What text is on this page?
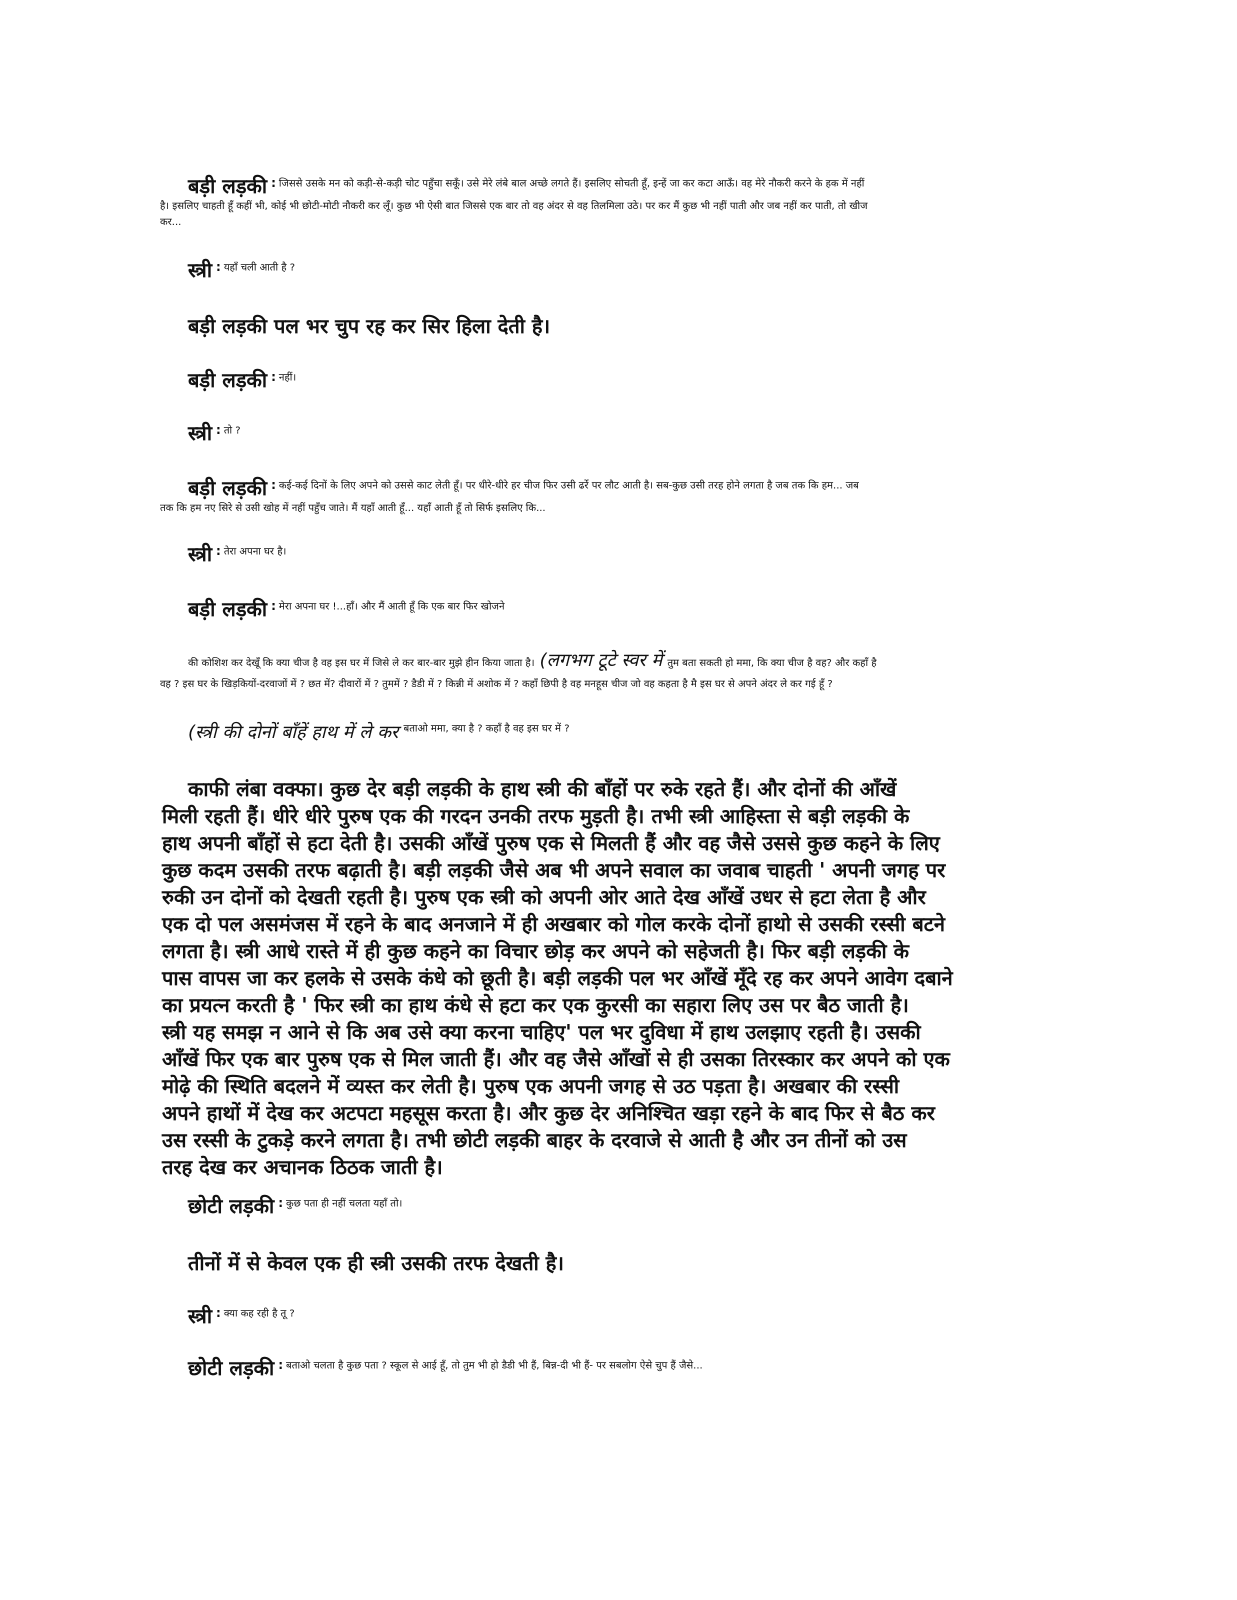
बड़ी लड़की : $^{जिससे उसके मन को कड़ी-से-कड़ी चोट पहुँचा सकूँ। उसे मेरे लंबे बाल अच्छे लगते हैं। इसलिए सोचती हूँ, इन्हें जा कर कटा आऊँ। वह मेरे नौकरी करने के हक में नहीं}$
है। इसलिए चाहती हूँ कहीं भी, कोई भी छोटी-मोटी नौकरी कर लूँ। कुछ भी ऐसी बात जिससे एक बार तो वह अंदर से वह तिलमिला उठे। पर कर मैं कुछ भी नहीं पाती और जब नहीं कर पाती, तो खीज
कर...
स्त्री : $^{यहाँ चली आती है ?}$
बड़ी लड़की पल भर चुप रह कर सिर हिला देती है।
बड़ी लड़की : $^{नहीं।}$
स्त्री : $^{तो ?}$
बड़ी लड़की : $^{कई-कई दिनों के लिए अपने को उससे काट लेती हूँ। पर धीरे-धीरे हर चीज फिर उसी ढर्रे पर लौट आती है। सब-कुछ उसी तरह होने लगता है जब तक कि हम... जब}$
तक कि हम नए सिरे से उसी खोह में नहीं पहुँच जाते। मैं यहाँ आती हूँ... यहाँ आती हूँ तो सिर्फ इसलिए कि...
स्त्री : $^{तेरा अपना घर है।}$
बड़ी लड़की : $^{मेरा अपना घर !...हाँ। और मैं आती हूँ कि एक बार फिर खोजने}$
की कोशिश कर देखूँ कि क्या चीज है वह इस घर में जिसे ले कर बार-बार मुझे हीन किया जाता है। (लगभग टूटे स्वर में तुम बता सकती हो ममा, कि क्या चीज है वह? और कहाँ है
वह ? इस घर के खिड़कियों-दरवाजों में ? छत में? दीवारों में ? तुममें ? डैडी में ? किन्नी में अशोक में ? कहाँ छिपी है वह मनहूस चीज जो वह कहता है मै इस घर से अपने अंदर ले कर गई हूँ ?
(स्त्री की दोनों बाँहें हाथ में ले कर $^{बताओ ममा, क्या है ? कहाँ है वह इस घर में ?}$
काफी लंबा वक्फा। कुछ देर बड़ी लड़की के हाथ स्त्री की बाँहों पर रुके रहते हैं। और दोनों की आँखें
मिली रहती हैं। धीरे धीरे पुरुष एक की गरदन उनकी तरफ मुड़ती है। तभी स्त्री आहिस्ता से बड़ी लड़की के
हाथ अपनी बाँहों से हटा देती है। उसकी आँखें पुरुष एक से मिलती हैं और वह जैसे उससे कुछ कहने के लिए
कुछ कदम उसकी तरफ बढ़ाती है। बड़ी लड़की जैसे अब भी अपने सवाल का जवाब चाहती ' अपनी जगह पर
रुकी उन दोनों को देखती रहती है। पुरुष एक स्त्री को अपनी ओर आते देख आँखें उधर से हटा लेता है और
एक दो पल असमंजस में रहने के बाद अनजाने में ही अखबार को गोल करके दोनों हाथो से उसकी रस्सी बटने
लगता है। स्त्री आधे रास्ते में ही कुछ कहने का विचार छोड़ कर अपने को सहेजती है। फिर बड़ी लड़की के
पास वापस जा कर हलके से उसके कंधे को छूती है। बड़ी लड़की पल भर आँखें मूँदे रह कर अपने आवेग दबाने
का प्रयत्न करती है ' फिर स्त्री का हाथ कंधे से हटा कर एक कुरसी का सहारा लिए उस पर बैठ जाती है।
स्त्री यह समझ न आने से कि अब उसे क्या करना चाहिए' पल भर दुविधा में हाथ उलझाए रहती है। उसकी
आँखें फिर एक बार पुरुष एक से मिल जाती हैं। और वह जैसे आँखों से ही उसका तिरस्कार कर अपने को एक
मोढ़े की स्थिति बदलने में व्यस्त कर लेती है। पुरुष एक अपनी जगह से उठ पड़ता है। अखबार की रस्सी
अपने हाथों में देख कर अटपटा महसूस करता है। और कुछ देर अनिश्चित खड़ा रहने के बाद फिर से बैठ कर
उस रस्सी के टुकड़े करने लगता है। तभी छोटी लड़की बाहर के दरवाजे से आती है और उन तीनों को उस
तरह देख कर अचानक ठिठक जाती है।
छोटी लड़की : $^{कुछ पता ही नहीं चलता यहाँ तो।}$
तीनों में से केवल एक ही स्त्री उसकी तरफ देखती है।
स्त्री : $^{क्या कह रही है तू ?}$
छोटी लड़की : $^{बताओ चलता है कुछ पता ? स्कूल से आई हूँ, तो तुम भी हो डैडी भी हैं, बिन्न-दी भी हैं- पर सबलोग ऐसे चुप हैं जैसे...}$
